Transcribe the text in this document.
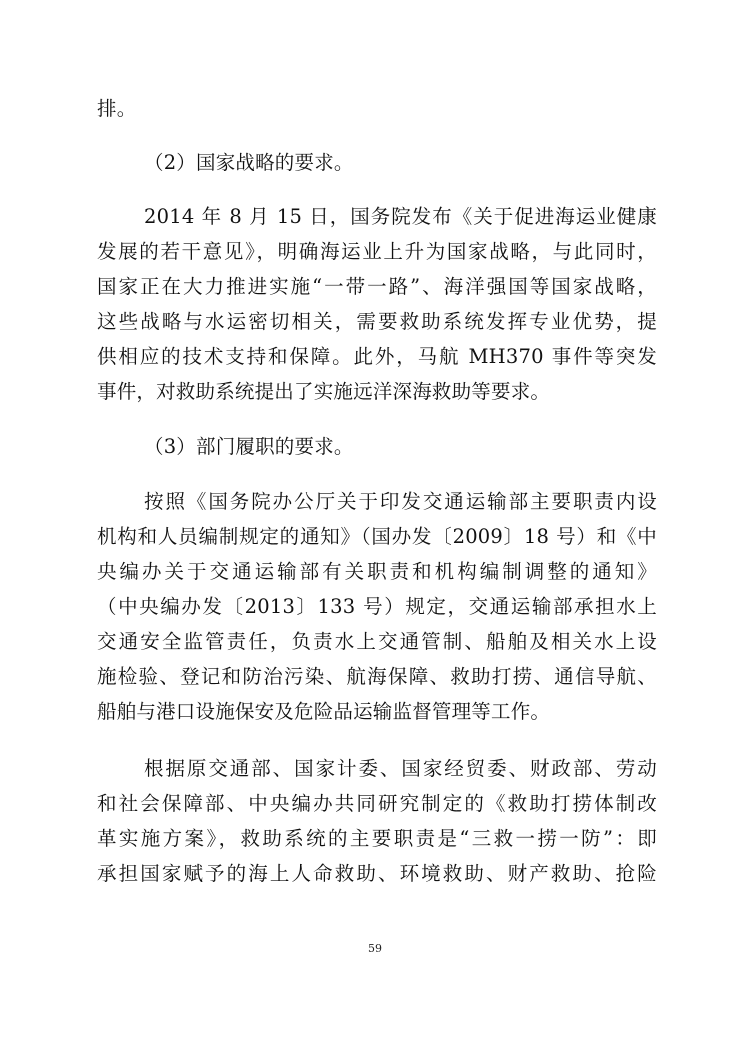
排。
（2）国家战略的要求。
2014 年 8 月 15 日，国务院发布《关于促进海运业健康
发展的若干意见》，明确海运业上升为国家战略，与此同时，
国家正在大力推进实施“一带一路”、海洋强国等国家战略，
这些战略与水运密切相关，需要救助系统发挥专业优势，提
供相应的技术支持和保障。此外，马航 MH370 事件等突发
事件，对救助系统提出了实施远洋深海救助等要求。
（3）部门履职的要求。
按照《国务院办公厅关于印发交通运输部主要职责内设
机构和人员编制规定的通知》（国办发〔2009〕18 号）和《中
央编办关于交通运输部有关职责和机构编制调整的通知》
（中央编办发〔2013〕133 号）规定，交通运输部承担水上
交通安全监管责任，负责水上交通管制、船舶及相关水上设
施检验、登记和防治污染、航海保障、救助打捞、通信导航、
船舶与港口设施保安及危险品运输监督管理等工作。
根据原交通部、国家计委、国家经贸委、财政部、劳动
和社会保障部、中央编办共同研究制定的《救助打捞体制改
革实施方案》，救助系统的主要职责是“三救一捞一防”：即
承担国家赋予的海上人命救助、环境救助、财产救助、抢险
59
